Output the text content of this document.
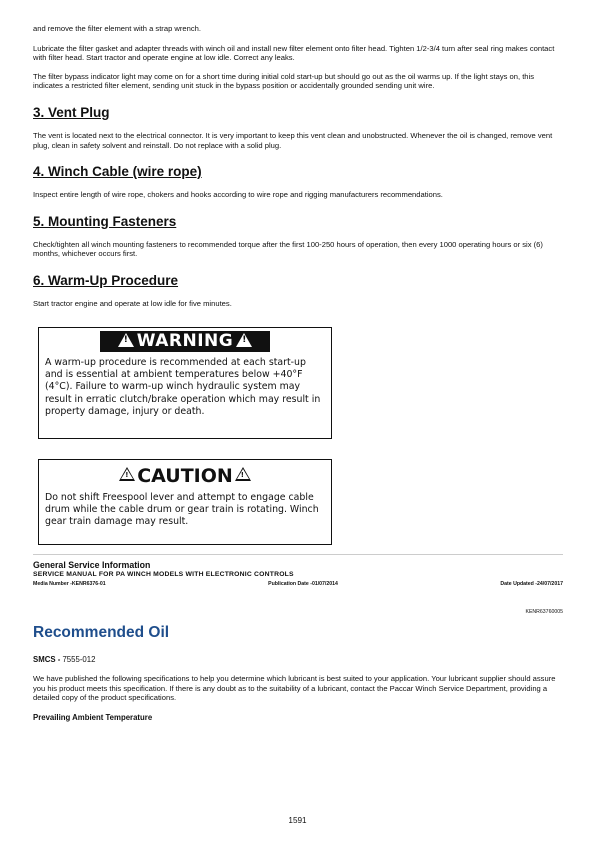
and remove the filter element with a strap wrench.

Lubricate the filter gasket and adapter threads with winch oil and install new filter element onto filter head. Tighten 1/2-3/4 turn after seal ring makes contact with filter head. Start tractor and operate engine at low idle. Correct any leaks.

The filter bypass indicator light may come on for a short time during initial cold start-up but should go out as the oil warms up. If the light stays on, this indicates a restricted filter element, sending unit stuck in the bypass position or accidentally grounded sending unit wire.

3. Vent Plug

The vent is located next to the electrical connector. It is very important to keep this vent clean and unobstructed. Whenever the oil is changed, remove vent plug, clean in safety solvent and reinstall. Do not replace with a solid plug.

4. Winch Cable (wire rope)

Inspect entire length of wire rope, chokers and hooks according to wire rope and rigging manufacturers recommendations.

5. Mounting Fasteners

Check/tighten all winch mounting fasteners to recommended torque after the first 100-250 hours of operation, then every 1000 operating hours or six (6) months, whichever occurs first.

6. Warm-Up Procedure

Start tractor engine and operate at low idle for five minutes.

! WARNING !

A warm-up procedure is recommended at each start-up and is essential at ambient temperatures below +40°F (4°C). Failure to warm-up winch hydraulic system may result in erratic clutch/brake operation which may result in property damage, injury or death.

! CAUTION !

Do not shift Freespool lever and attempt to engage cable drum while the cable drum or gear train is rotating. Winch gear train damage may result.

General Service Information
SERVICE MANUAL FOR PA WINCH MODELS WITH ELECTRONIC CONTROLS
Media Number -KENR6376-01	Publication Date -01/07/2014	Date Updated -24/07/2017
KENR63760005
Recommended Oil

SMCS - 7555-012

We have published the following specifications to help you determine which lubricant is best suited to your application. Your lubricant supplier should assure you his product meets this specification. If there is any doubt as to the suitability of a lubricant, contact the Paccar Winch Service Department, providing a detailed copy of the product specifications.

Prevailing Ambient Temperature

1591
